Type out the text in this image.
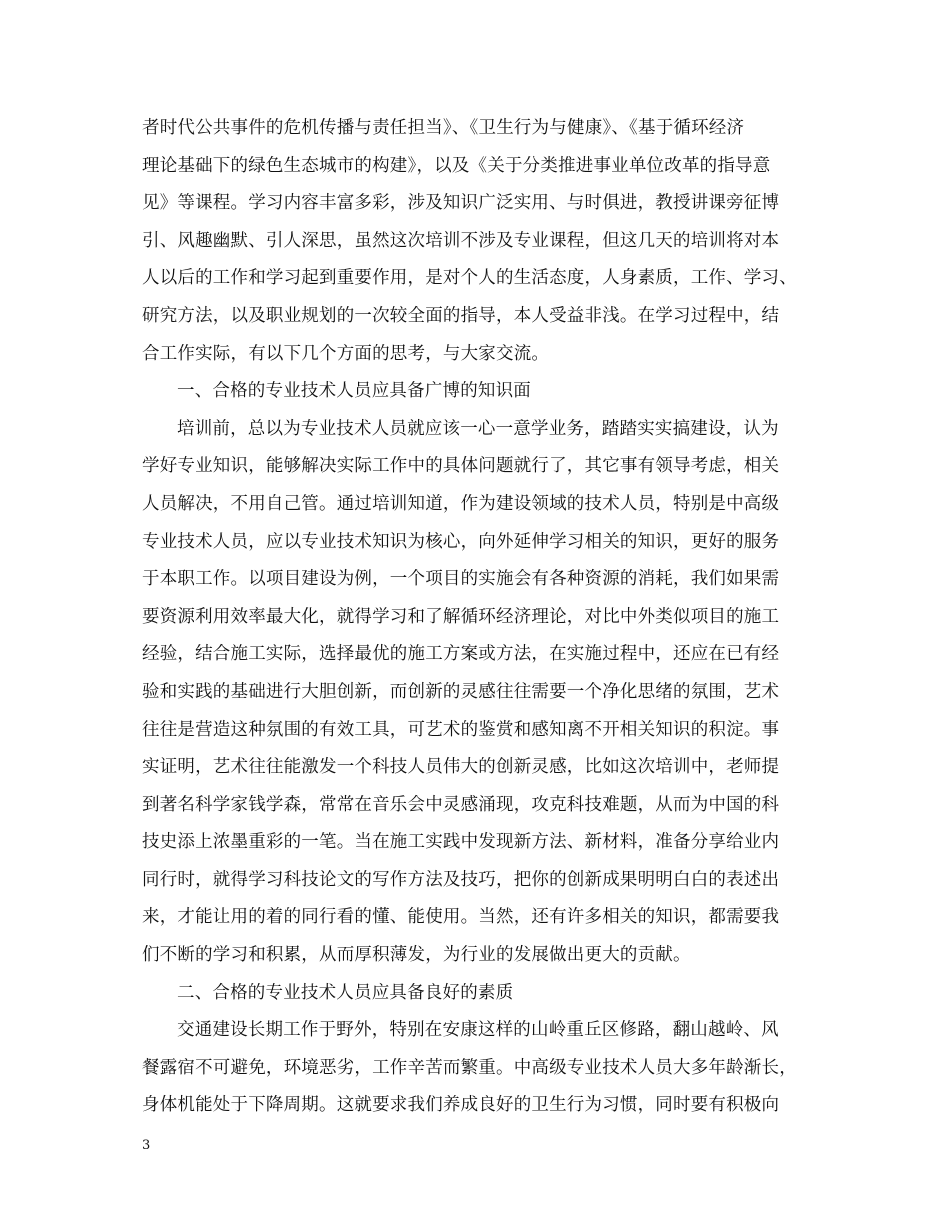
者时代公共事件的危机传播与责任担当》、《卫生行为与健康》、《基于循环经济
理论基础下的绿色生态城市的构建》，以及《关于分类推进事业单位改革的指导意
见》等课程。学习内容丰富多彩，涉及知识广泛实用、与时俱进，教授讲课旁征博
引、风趣幽默、引人深思，虽然这次培训不涉及专业课程，但这几天的培训将对本
人以后的工作和学习起到重要作用，是对个人的生活态度，人身素质，工作、学习、
研究方法，以及职业规划的一次较全面的指导，本人受益非浅。在学习过程中，结
合工作实际，有以下几个方面的思考，与大家交流。
一、合格的专业技术人员应具备广博的知识面
培训前，总以为专业技术人员就应该一心一意学业务，踏踏实实搞建设，认为
学好专业知识，能够解决实际工作中的具体问题就行了，其它事有领导考虑，相关
人员解决，不用自己管。通过培训知道，作为建设领域的技术人员，特别是中高级
专业技术人员，应以专业技术知识为核心，向外延伸学习相关的知识，更好的服务
于本职工作。以项目建设为例，一个项目的实施会有各种资源的消耗，我们如果需
要资源利用效率最大化，就得学习和了解循环经济理论，对比中外类似项目的施工
经验，结合施工实际，选择最优的施工方案或方法，在实施过程中，还应在已有经
验和实践的基础进行大胆创新，而创新的灵感往往需要一个净化思绪的氛围，艺术
往往是营造这种氛围的有效工具，可艺术的鉴赏和感知离不开相关知识的积淀。事
实证明，艺术往往能激发一个科技人员伟大的创新灵感，比如这次培训中，老师提
到著名科学家钱学森，常常在音乐会中灵感涌现，攻克科技难题，从而为中国的科
技史添上浓墨重彩的一笔。当在施工实践中发现新方法、新材料，准备分享给业内
同行时，就得学习科技论文的写作方法及技巧，把你的创新成果明明白白的表述出
来，才能让用的着的同行看的懂、能使用。当然，还有许多相关的知识，都需要我
们不断的学习和积累，从而厚积薄发，为行业的发展做出更大的贡献。
二、合格的专业技术人员应具备良好的素质
交通建设长期工作于野外，特别在安康这样的山岭重丘区修路，翻山越岭、风
餐露宿不可避免，环境恶劣，工作辛苦而繁重。中高级专业技术人员大多年龄渐长，
身体机能处于下降周期。这就要求我们养成良好的卫生行为习惯，同时要有积极向
3
